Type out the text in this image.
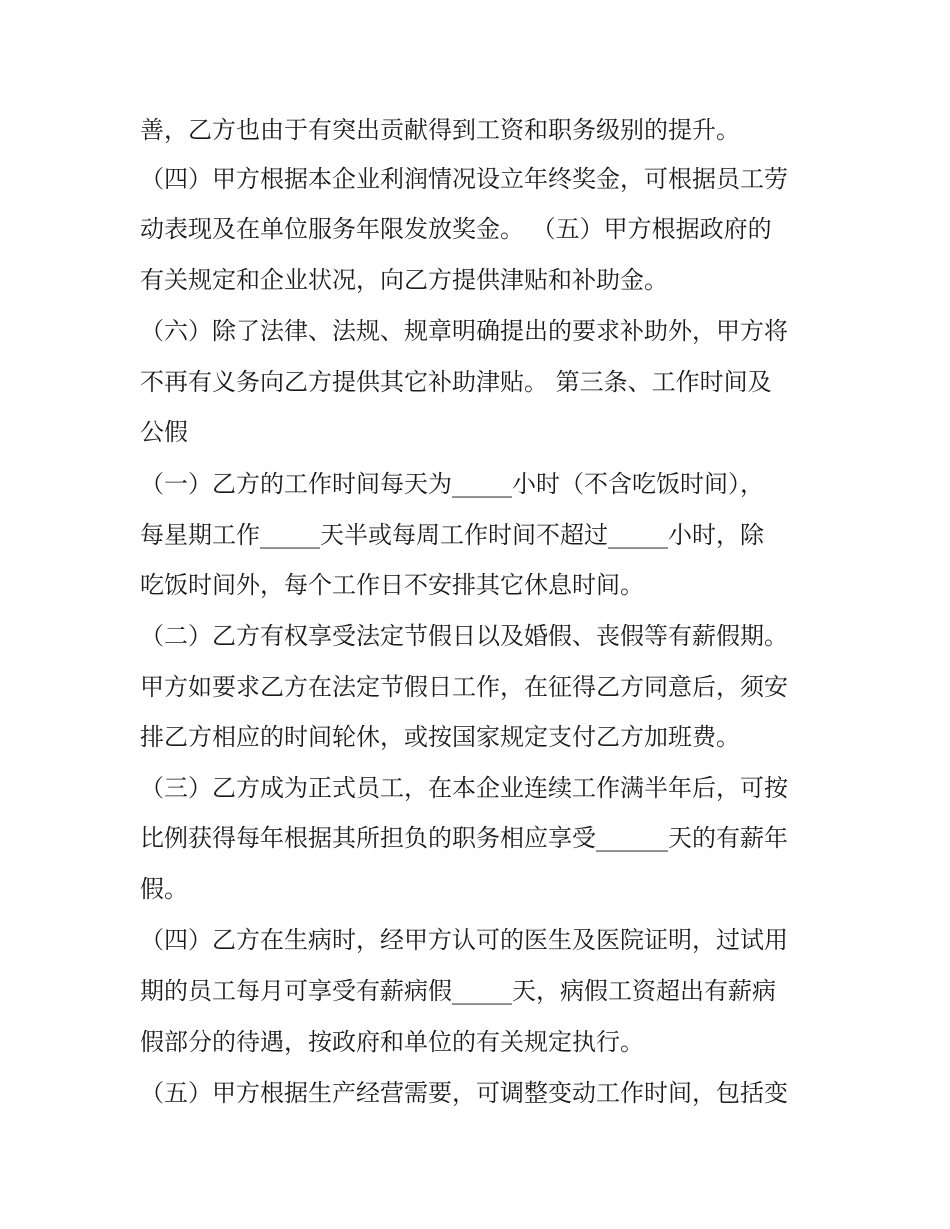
善，乙方也由于有突出贡献得到工资和职务级别的提升。

（四）甲方根据本企业利润情况设立年终奖金，可根据员工劳

动表现及在单位服务年限发放奖金。 （五）甲方根据政府的

有关规定和企业状况，向乙方提供津贴和补助金。

（六）除了法律、法规、规章明确提出的要求补助外，甲方将

不再有义务向乙方提供其它补助津贴。 第三条、工作时间及

公假

（一）乙方的工作时间每天为_____小时（不含吃饭时间），

每星期工作_____天半或每周工作时间不超过_____小时，除

吃饭时间外，每个工作日不安排其它休息时间。

（二）乙方有权享受法定节假日以及婚假、丧假等有薪假期。

甲方如要求乙方在法定节假日工作，在征得乙方同意后，须安

排乙方相应的时间轮休，或按国家规定支付乙方加班费。

（三）乙方成为正式员工，在本企业连续工作满半年后，可按

比例获得每年根据其所担负的职务相应享受______天的有薪年

假。

（四）乙方在生病时，经甲方认可的医生及医院证明，过试用

期的员工每月可享受有薪病假_____天，病假工资超出有薪病

假部分的待遇，按政府和单位的有关规定执行。

（五）甲方根据生产经营需要，可调整变动工作时间，包括变
